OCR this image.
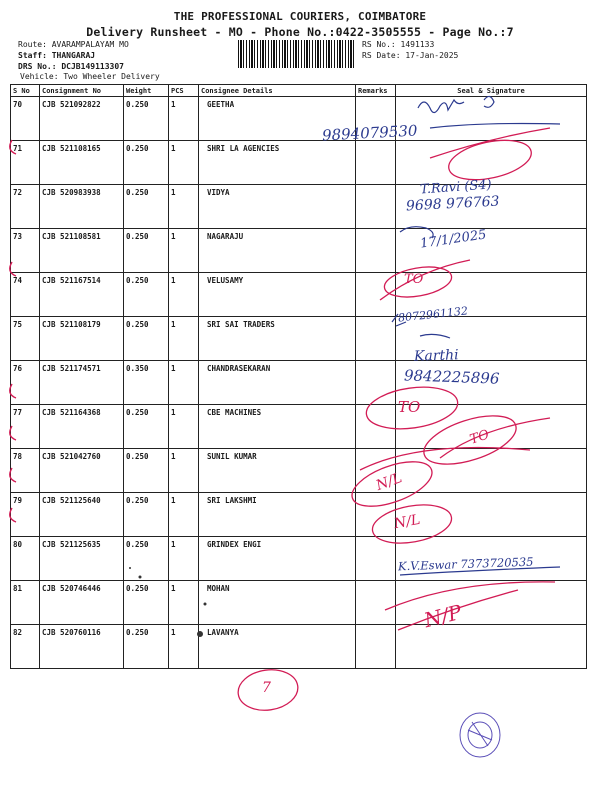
THE PROFESSIONAL COURIERS, COIMBATORE
Delivery Runsheet - MO - Phone No.:0422-3505555 - Page No.:7
Route: AVARAMPALAYAM MO
Staff: THANGARAJ
DRS No.: DCJB149113307
Vehicle: Two Wheeler Delivery
RS No.: 1491133
RS Date: 17-Jan-2025
S No	Consignment No	Weight	PCS	Consignee Details	Remarks	Seal & Signature
70	CJB 521092822	0.250	1	GEETHA		
71	CJB 521108165	0.250	1	SHRI LA AGENCIES		
72	CJB 520983938	0.250	1	VIDYA		
73	CJB 521108581	0.250	1	NAGARAJU		
74	CJB 521167514	0.250	1	VELUSAMY		
75	CJB 521108179	0.250	1	SRI SAI TRADERS		
76	CJB 521174571	0.350	1	CHANDRASEKARAN		
77	CJB 521164368	0.250	1	CBE MACHINES		
78	CJB 521042760	0.250	1	SUNIL KUMAR		
79	CJB 521125640	0.250	1	SRI LAKSHMI		
80	CJB 521125635	0.250	1	GRINDEX ENGI		
81	CJB 520746446	0.250	1	MOHAN		
82	CJB 520760116	0.250	1	LAVANYA		
9894079530
T.Ravi (S4)
9698 976763
17/1/2025
8072961132
Karthi
9842225896
K.V.Eswar 7373720535
TO
TO
TO
N/L
N/L
N/P
7
